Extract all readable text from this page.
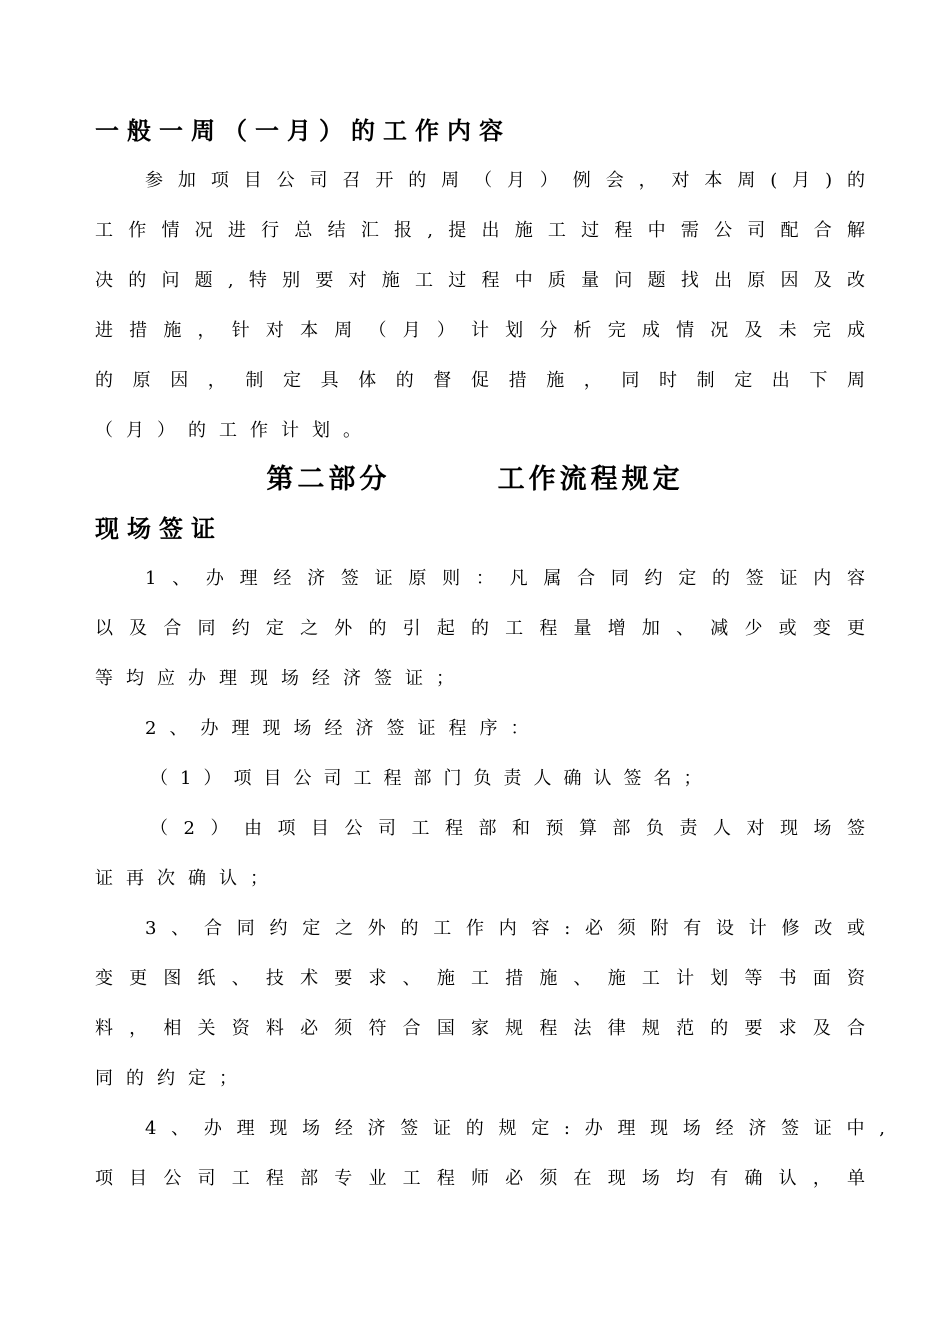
一般一周（一月）的工作内容
参加项目公司召开的周（月）例会，对本周(月)的
工作情况进行总结汇报,提出施工过程中需公司配合解
决的问题,特别要对施工过程中质量问题找出原因及改
进措施，针对本周（月）计划分析完成情况及未完成
的原因，制定具体的督促措施，同时制定出下周
（月）的工作计划。
第二部分        工作流程规定
现场签证
1、办理经济签证原则：凡属合同约定的签证内容
以及合同约定之外的引起的工程量增加、减少或变更
等均应办理现场经济签证；
2、办理现场经济签证程序：
（1）项目公司工程部门负责人确认签名；
（2）由项目公司工程部和预算部负责人对现场签
证再次确认；
3、合同约定之外的工作内容:必须附有设计修改或
变更图纸、技术要求、施工措施、施工计划等书面资
料，相关资料必须符合国家规程法律规范的要求及合
同的约定；
4、办理现场经济签证的规定:办理现场经济签证中,
项目公司工程部专业工程师必须在现场均有确认，单
